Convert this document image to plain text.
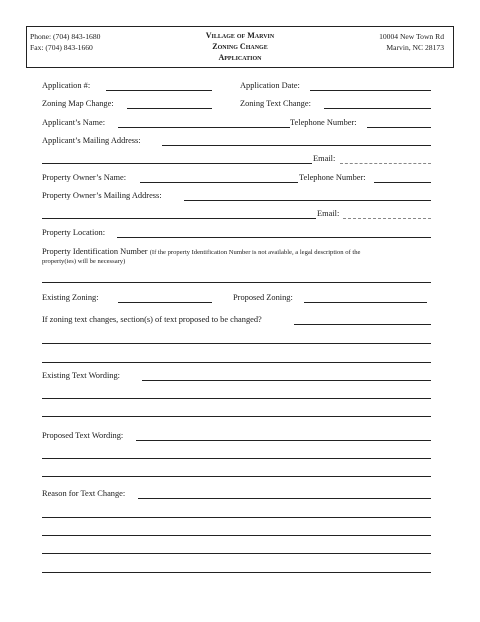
Phone: (704) 843-1680
Fax: (704) 843-1660
Village of Marvin
Zoning Change
Application
10004 New Town Rd
Marvin, NC 28173
Application #:	Application Date:
Zoning Map Change:	Zoning Text Change:
Applicant’s Name:	Telephone Number:
Applicant’s Mailing Address:
Email:
Property Owner’s Name:	Telephone Number:
Property Owner’s Mailing Address:
Email:
Property Location:
Property Identification Number (If the property Identification Number is not available, a legal description of the
property(ies) will be necessary)
Existing Zoning:	Proposed Zoning:
If zoning text changes, section(s) of text proposed to be changed?
Existing Text Wording:
Proposed Text Wording:
Reason for Text Change:
